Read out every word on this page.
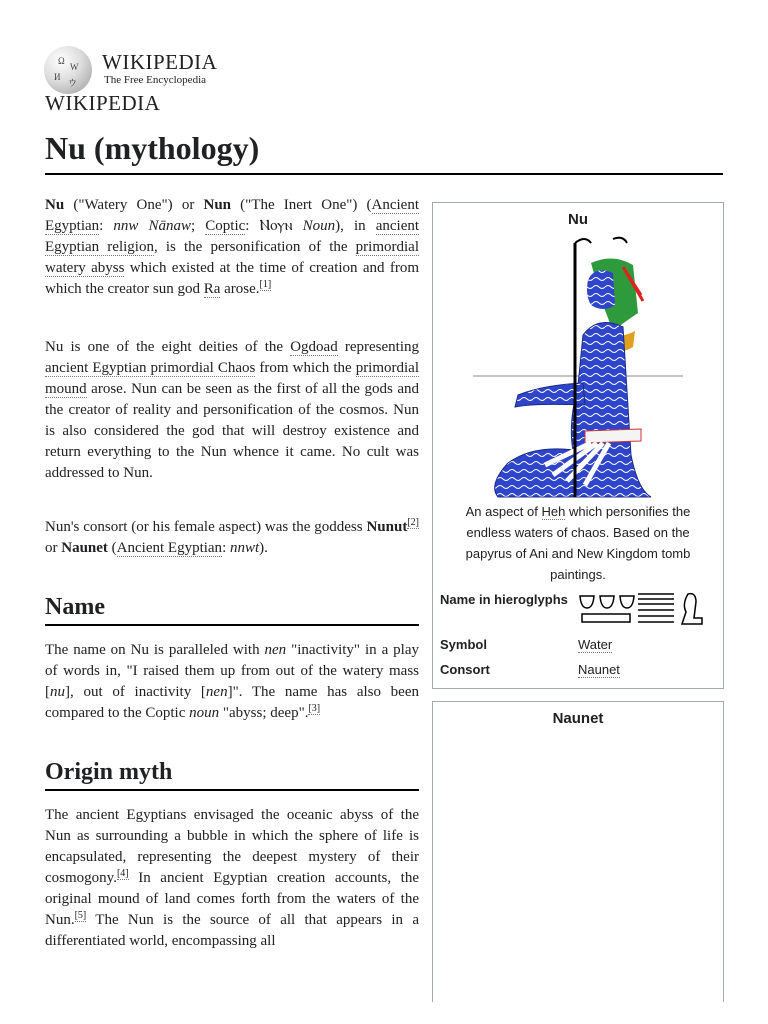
Ω
W
И
ウ
WIKIPEDIA
The Free Encyclopedia
WIKIPEDIA
Nu (mythology)

Nu ("Watery One") or Nun ("The Inert One") (Ancient Egyptian: nnw Nānaw; Coptic: Ⲛⲟⲩⲛ Noun), in ancient Egyptian religion, is the personification of the primordial watery abyss which existed at the time of creation and from which the creator sun god Ra arose.[1]

Nu is one of the eight deities of the Ogdoad representing ancient Egyptian primordial Chaos from which the primordial mound arose. Nun can be seen as the first of all the gods and the creator of reality and personification of the cosmos. Nun is also considered the god that will destroy existence and return everything to the Nun whence it came. No cult was addressed to Nun.

Nun's consort (or his female aspect) was the goddess Nunut[2] or Naunet (Ancient Egyptian: nnwt).

Name

The name on Nu is paralleled with nen "inactivity" in a play of words in, "I raised them up from out of the watery mass [nu], out of inactivity [nen]". The name has also been compared to the Coptic noun "abyss; deep".[3]

Origin myth

The ancient Egyptians envisaged the oceanic abyss of the Nun as surrounding a bubble in which the sphere of life is encapsulated, representing the deepest mystery of their cosmogony.[4] In ancient Egyptian creation accounts, the original mound of land comes forth from the waters of the Nun.[5] The Nun is the source of all that appears in a differentiated world, encompassing all

Nu
An aspect of Heh which personifies the endless waters of chaos. Based on the papyrus of Ani and New Kingdom tomb paintings.
Name in hieroglyphs
Symbol	Water
Consort	Naunet
Naunet
